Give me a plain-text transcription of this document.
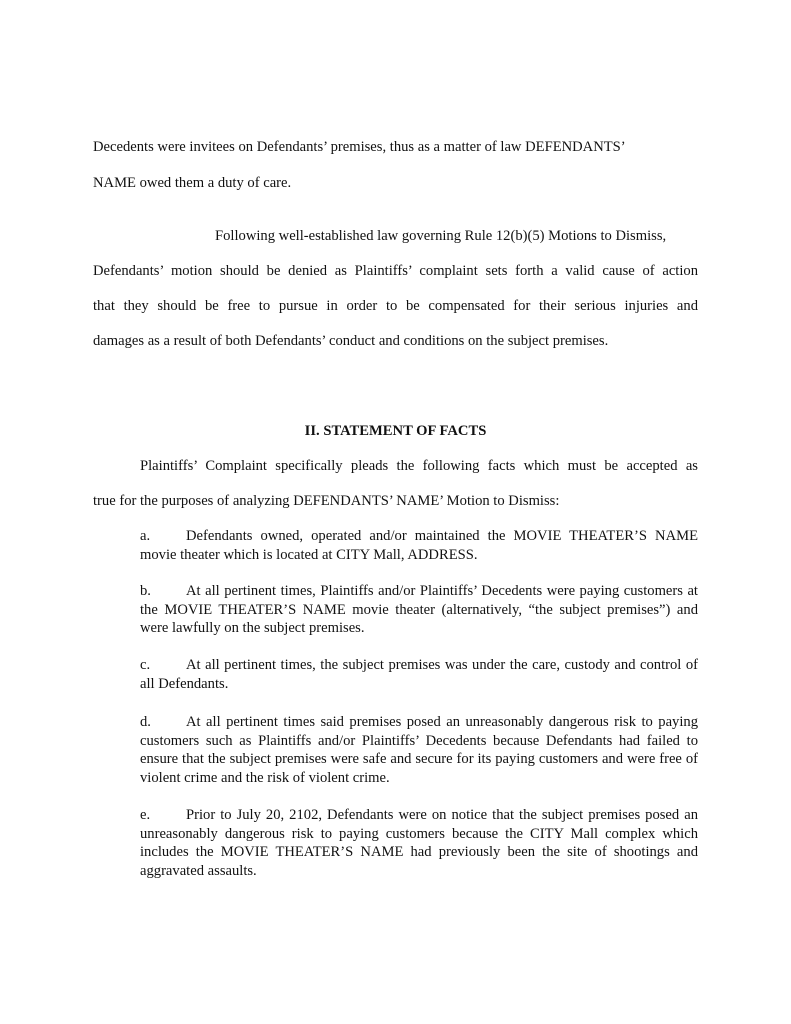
Decedents were invitees on Defendants’ premises, thus as a matter of law DEFENDANTS’
NAME owed them a duty of care.
Following well-established law governing Rule 12(b)(5) Motions to Dismiss,
Defendants’ motion should be denied as Plaintiffs’ complaint sets forth a valid cause of action
that they should be free to pursue in order to be compensated for their serious injuries and
damages as a result of both Defendants’ conduct and conditions on the subject premises.
II. STATEMENT OF FACTS
Plaintiffs’ Complaint specifically pleads the following facts which must be accepted as
true for the purposes of analyzing DEFENDANTS’ NAME’ Motion to Dismiss:
a. Defendants owned, operated and/or maintained the MOVIE THEATER’S NAME movie theater which is located at CITY Mall, ADDRESS.
b. At all pertinent times, Plaintiffs and/or Plaintiffs’ Decedents were paying customers at the MOVIE THEATER’S NAME movie theater (alternatively, “the subject premises”) and were lawfully on the subject premises.
c. At all pertinent times, the subject premises was under the care, custody and control of all Defendants.
d. At all pertinent times said premises posed an unreasonably dangerous risk to paying customers such as Plaintiffs and/or Plaintiffs’ Decedents because Defendants had failed to ensure that the subject premises were safe and secure for its paying customers and were free of violent crime and the risk of violent crime.
e. Prior to July 20, 2102, Defendants were on notice that the subject premises posed an unreasonably dangerous risk to paying customers because the CITY Mall complex which includes the MOVIE THEATER’S NAME had previously been the site of shootings and aggravated assaults.
